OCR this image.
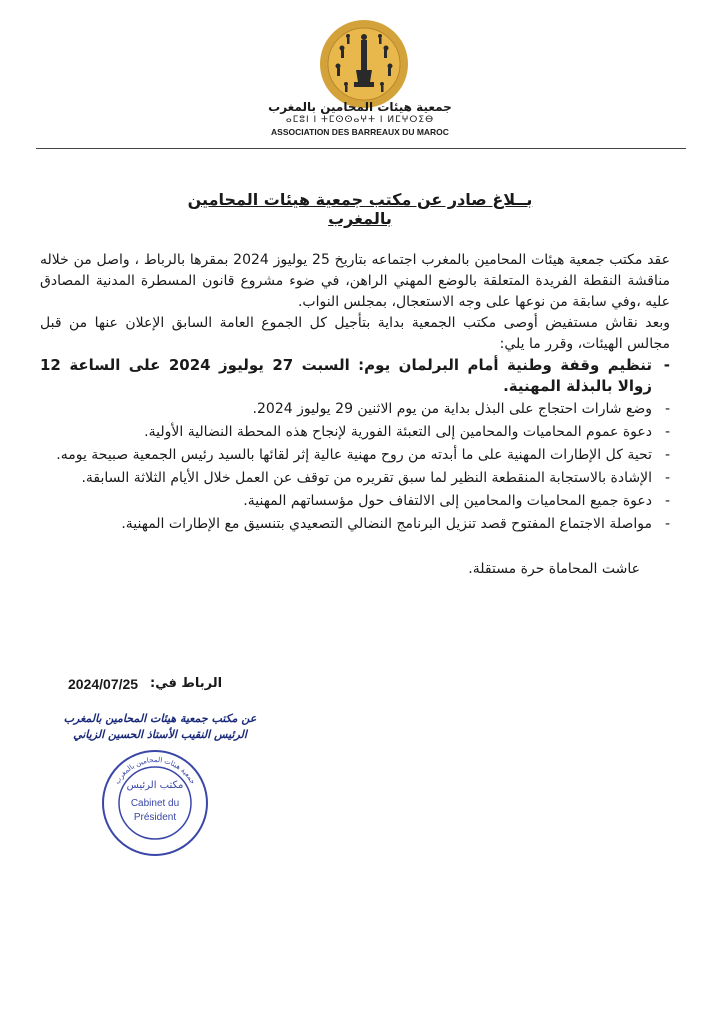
جمعية هيئات المحامين بالمغرب
ⴰⵎⵓⵏ ⵏ ⵜⵎⵙⵙⴰⵖⵜ ⵏ ⵍⵎⵖⵔⵉⴱ
ASSOCIATION DES BARREAUX DU MAROC
بــلاغ صادر عن مكتب جمعية هيئات المحامين بالمغرب

عقد مكتب جمعية هيئات المحامين بالمغرب اجتماعه بتاريخ 25 يوليوز 2024 بمقرها بالرباط ، واصل من خلاله مناقشة النقطة الفريدة المتعلقة بالوضع المهني الراهن، في ضوء مشروع قانون المسطرة المدنية المصادق عليه ،وفي سابقة من نوعها على وجه الاستعجال، بمجلس النواب.

وبعد نقاش مستفيض أوصى مكتب الجمعية بداية بتأجيل كل الجموع العامة السابق الإعلان عنها من قبل مجالس الهيئات، وقرر ما يلي:

- تنظيم وقفة وطنية أمام البرلمان يوم: السبت 27 يوليوز 2024 على الساعة 12 زوالا بالبذلة المهنية.
- وضع شارات احتجاج على البذل بداية من يوم الاثنين 29 يوليوز 2024.
- دعوة عموم المحاميات والمحامين إلى التعبئة الفورية لإنجاح هذه المحطة النضالية الأولية.
- تحية كل الإطارات المهنية على ما أبدته من روح مهنية عالية إثر لقائها بالسيد رئيس الجمعية صبيحة يومه.
- الإشادة بالاستجابة المنقطعة النظير لما سبق تقريره من توقف عن العمل خلال الأيام الثلاثة السابقة.
- دعوة جميع المحاميات والمحامين إلى الالتفاف حول مؤسساتهم المهنية.
- مواصلة الاجتماع المفتوح قصد تنزيل البرنامج النضالي التصعيدي بتنسيق مع الإطارات المهنية.

عاشت المحاماة حرة مستقلة.

الرباط في:
2024/07/25
عن مكتب جمعية هيئات المحامين بالمغرب
الرئيس النقيب الأستاذ الحسين الزياني
مكتب الرئيس
Cabinet du
Président
جمعية هيئات المحامين بالمغرب
